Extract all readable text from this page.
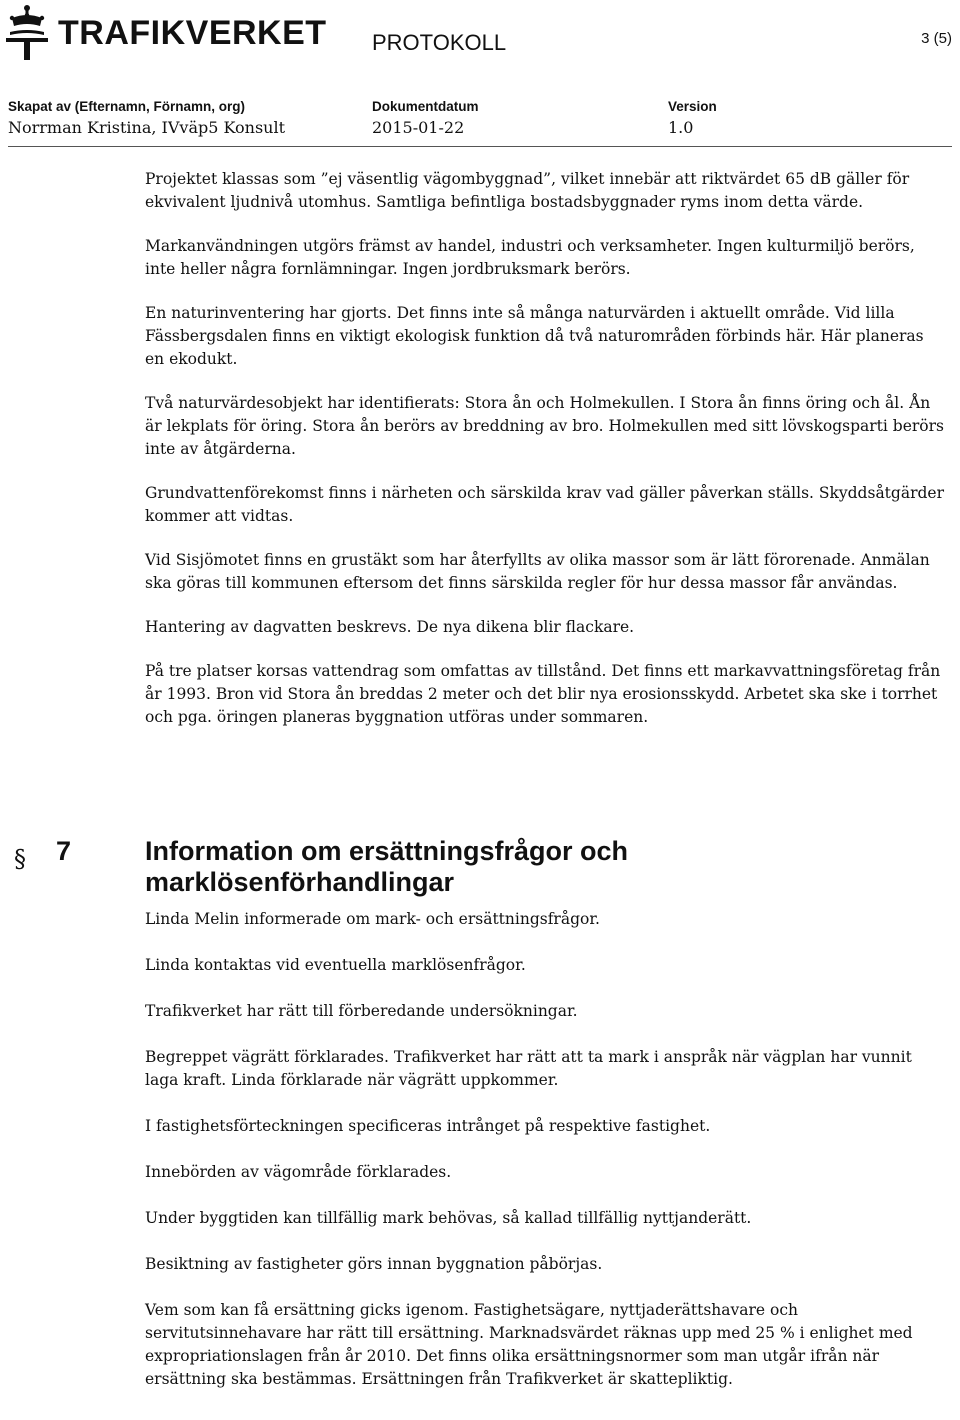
TRAFIKVERKET PROTOKOLL	3 (5)
Skapat av (Efternamn, Förnamn, org)
Norrman Kristina, IVväp5 Konsult
Dokumentdatum
2015-01-22
Version
1.0

Projektet klassas som ”ej väsentlig vägombyggnad”, vilket innebär att riktvärdet 65 dB gäller för ekvivalent ljudnivå utomhus. Samtliga befintliga bostadsbyggnader ryms inom detta värde.

Markanvändningen utgörs främst av handel, industri och verksamheter. Ingen kulturmiljö berörs, inte heller några fornlämningar. Ingen jordbruksmark berörs.

En naturinventering har gjorts. Det finns inte så många naturvärden i aktuellt område. Vid lilla Fässbergsdalen finns en viktigt ekologisk funktion då två naturområden förbinds här. Här planeras en ekodukt.

Två naturvärdesobjekt har identifierats: Stora ån och Holmekullen. I Stora ån finns öring och ål. Ån är lekplats för öring. Stora ån berörs av breddning av bro. Holmekullen med sitt lövskogsparti berörs inte av åtgärderna.

Grundvattenförekomst finns i närheten och särskilda krav vad gäller påverkan ställs. Skyddsåtgärder kommer att vidtas.

Vid Sisjömotet finns en grustäkt som har återfyllts av olika massor som är lätt förorenade. Anmälan ska göras till kommunen eftersom det finns särskilda regler för hur dessa massor får användas.

Hantering av dagvatten beskrevs. De nya dikena blir flackare.

På tre platser korsas vattendrag som omfattas av tillstånd. Det finns ett markavvattningsföretag från år 1993. Bron vid Stora ån breddas 2 meter och det blir nya erosionsskydd. Arbetet ska ske i torrhet och pga. öringen planeras byggnation utföras under sommaren.

§ 7	Information om ersättningsfrågor och marklösenförhandlingar

Linda Melin informerade om mark- och ersättningsfrågor.

Linda kontaktas vid eventuella marklösenfrågor.

Trafikverket har rätt till förberedande undersökningar.

Begreppet vägrätt förklarades. Trafikverket har rätt att ta mark i anspråk när vägplan har vunnit laga kraft. Linda förklarade när vägrätt uppkommer.

I fastighetsförteckningen specificeras intrånget på respektive fastighet.

Innebörden av vägområde förklarades.

Under byggtiden kan tillfällig mark behövas, så kallad tillfällig nyttjanderätt.

Besiktning av fastigheter görs innan byggnation påbörjas.

Vem som kan få ersättning gicks igenom. Fastighetsägare, nyttjaderättshavare och servitutsinnehavare har rätt till ersättning. Marknadsvärdet räknas upp med 25 % i enlighet med expropriationslagen från år 2010. Det finns olika ersättningsnormer som man utgår ifrån när ersättning ska bestämmas. Ersättningen från Trafikverket är skattepliktig.
